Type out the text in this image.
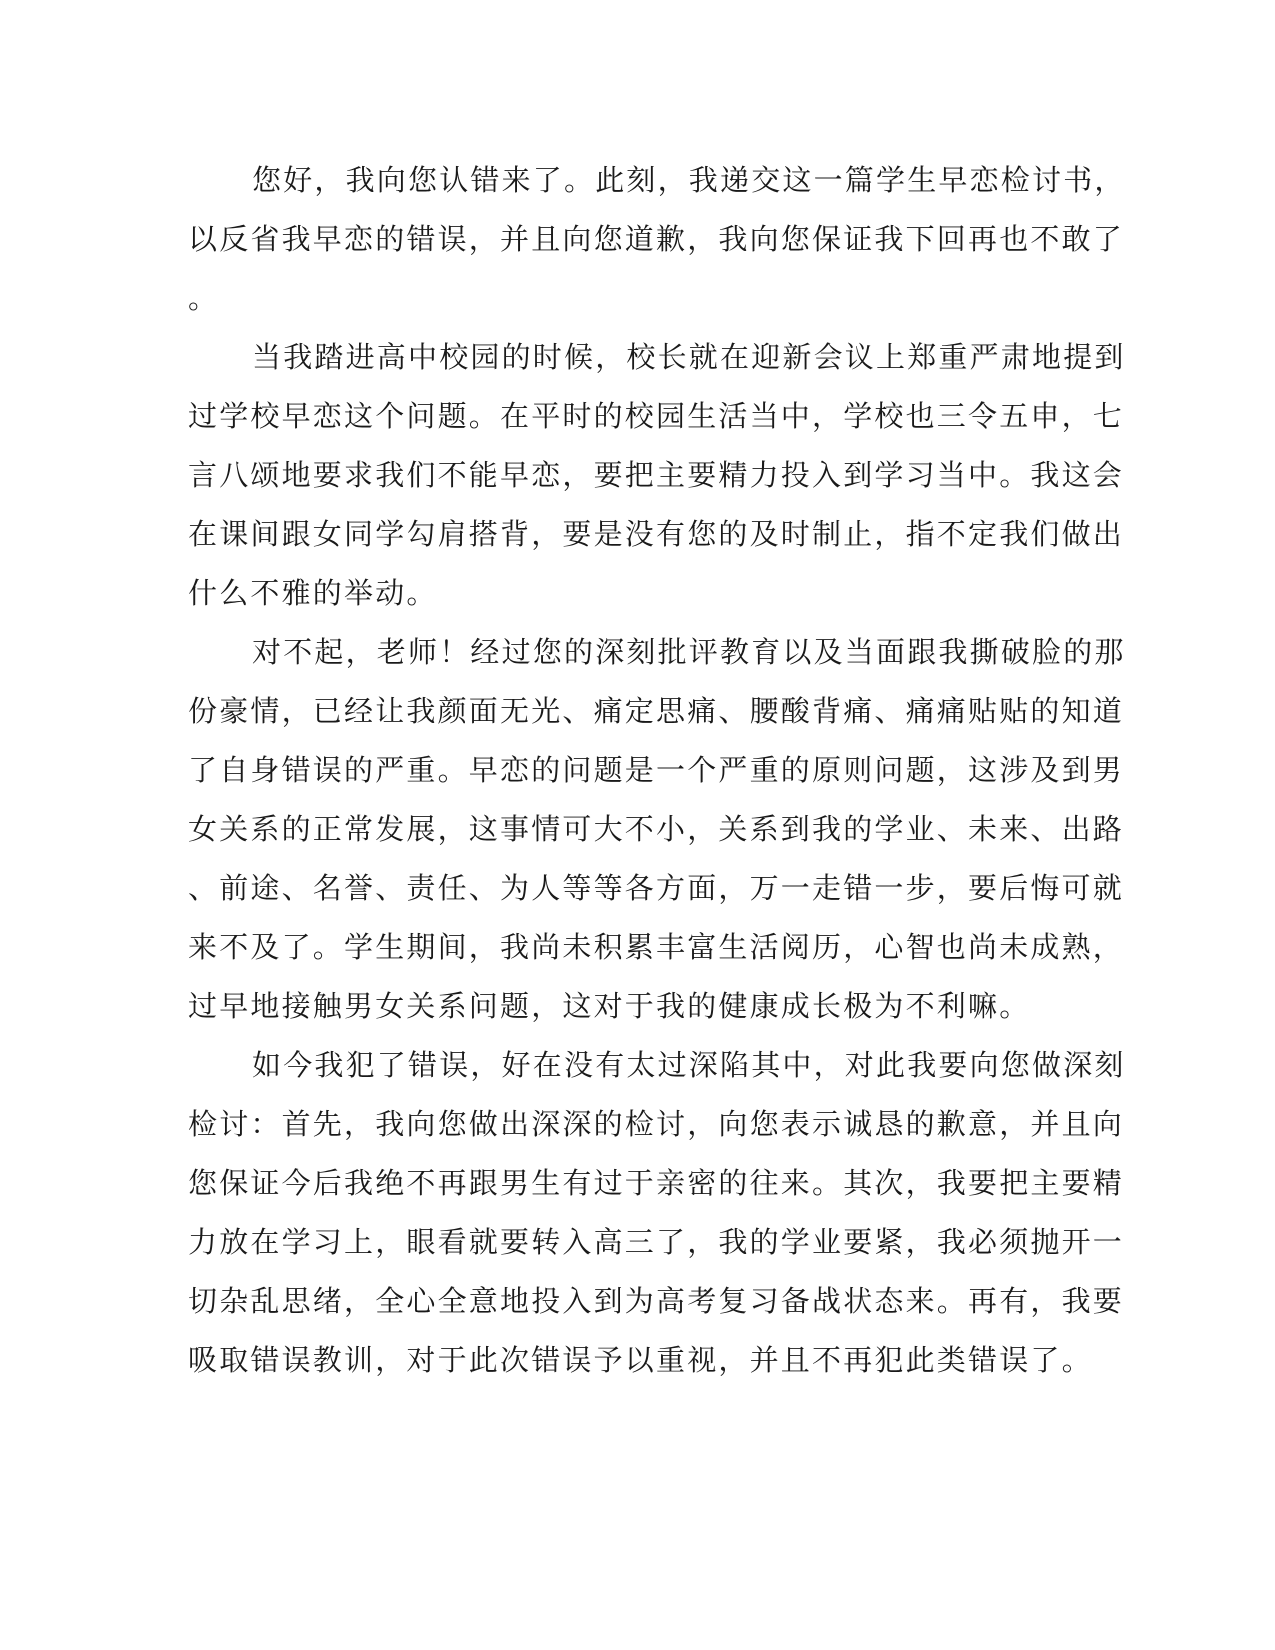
您好，我向您认错来了。此刻，我递交这一篇学生早恋检讨书，
以反省我早恋的错误，并且向您道歉，我向您保证我下回再也不敢了
。
当我踏进高中校园的时候，校长就在迎新会议上郑重严肃地提到
过学校早恋这个问题。在平时的校园生活当中，学校也三令五申，七
言八颂地要求我们不能早恋，要把主要精力投入到学习当中。我这会
在课间跟女同学勾肩搭背，要是没有您的及时制止，指不定我们做出
什么不雅的举动。
对不起，老师！经过您的深刻批评教育以及当面跟我撕破脸的那
份豪情，已经让我颜面无光、痛定思痛、腰酸背痛、痛痛贴贴的知道
了自身错误的严重。早恋的问题是一个严重的原则问题，这涉及到男
女关系的正常发展，这事情可大不小，关系到我的学业、未来、出路
、前途、名誉、责任、为人等等各方面，万一走错一步，要后悔可就
来不及了。学生期间，我尚未积累丰富生活阅历，心智也尚未成熟，
过早地接触男女关系问题，这对于我的健康成长极为不利嘛。
如今我犯了错误，好在没有太过深陷其中，对此我要向您做深刻
检讨：首先，我向您做出深深的检讨，向您表示诚恳的歉意，并且向
您保证今后我绝不再跟男生有过于亲密的往来。其次，我要把主要精
力放在学习上，眼看就要转入高三了，我的学业要紧，我必须抛开一
切杂乱思绪，全心全意地投入到为高考复习备战状态来。再有，我要
吸取错误教训，对于此次错误予以重视，并且不再犯此类错误了。
